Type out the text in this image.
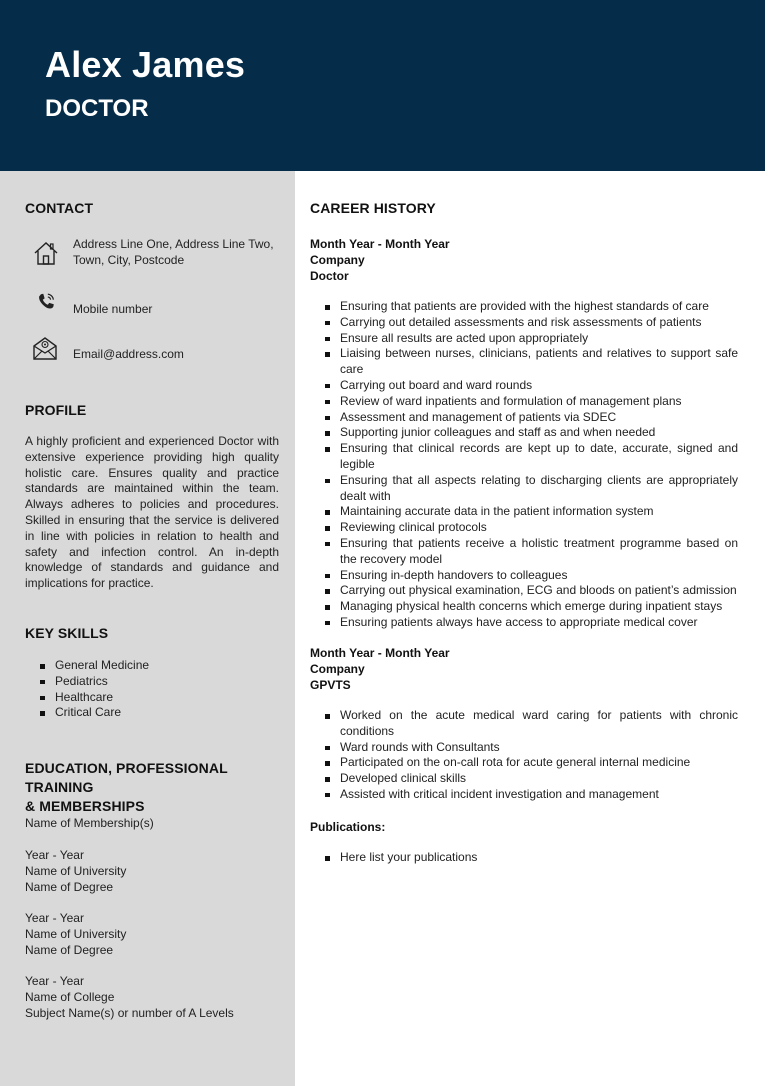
Alex James
DOCTOR
CONTACT
Address Line One, Address Line Two,
Town, City, Postcode
Mobile number
Email@address.com
PROFILE
A highly proficient and experienced Doctor with extensive experience providing high quality holistic care. Ensures quality and practice standards are maintained within the team. Always adheres to policies and procedures. Skilled in ensuring that the service is delivered in line with policies in relation to health and safety and infection control. An in-depth knowledge of standards and guidance and implications for practice.
KEY SKILLS
General Medicine
Pediatrics
Healthcare
Critical Care
EDUCATION, PROFESSIONAL TRAINING
& MEMBERSHIPS
Name of Membership(s)
Year - Year
Name of University
Name of Degree
Year - Year
Name of University
Name of Degree
Year - Year
Name of College
Subject Name(s) or number of A Levels
CAREER HISTORY
Month Year - Month Year
Company
Doctor
Ensuring that patients are provided with the highest standards of care
Carrying out detailed assessments and risk assessments of patients
Ensure all results are acted upon appropriately
Liaising between nurses, clinicians, patients and relatives to support safe care
Carrying out board and ward rounds
Review of ward inpatients and formulation of management plans
Assessment and management of patients via SDEC
Supporting junior colleagues and staff as and when needed
Ensuring that clinical records are kept up to date, accurate, signed and legible
Ensuring that all aspects relating to discharging clients are appropriately dealt with
Maintaining accurate data in the patient information system
Reviewing clinical protocols
Ensuring that patients receive a holistic treatment programme based on the recovery model
Ensuring in-depth handovers to colleagues
Carrying out physical examination, ECG and bloods on patient’s admission
Managing physical health concerns which emerge during inpatient stays
Ensuring patients always have access to appropriate medical cover
Month Year - Month Year
Company
GPVTS
Worked on the acute medical ward caring for patients with chronic conditions
Ward rounds with Consultants
Participated on the on-call rota for acute general internal medicine
Developed clinical skills
Assisted with critical incident investigation and management
Publications:
Here list your publications
